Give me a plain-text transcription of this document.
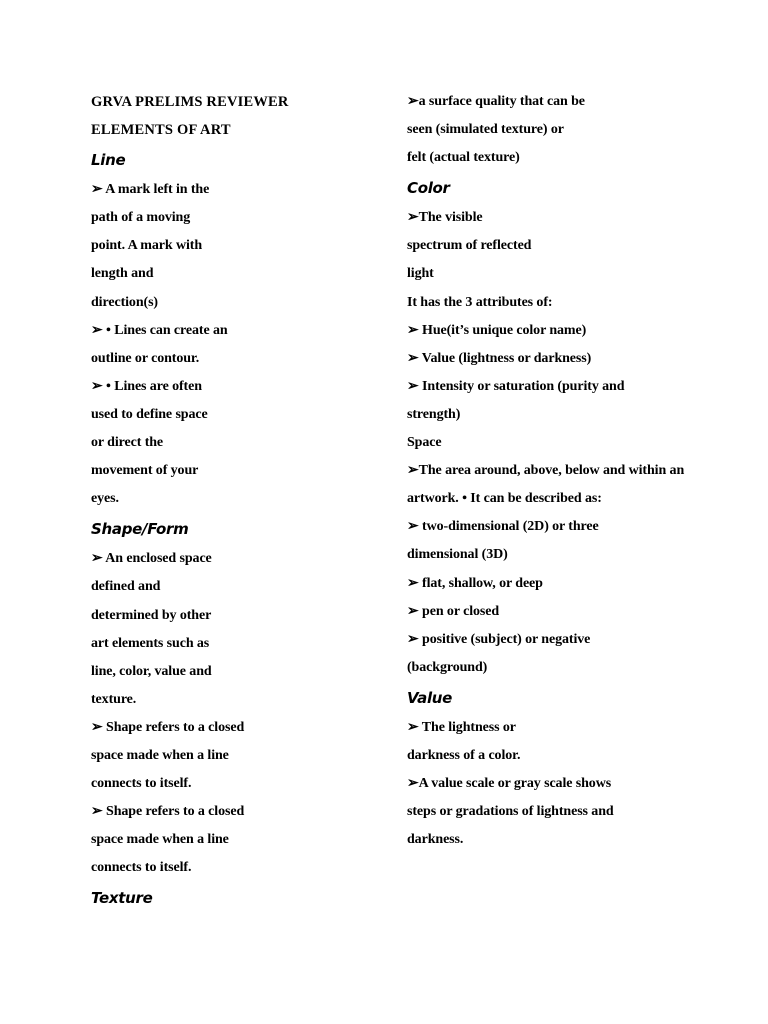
GRVA PRELIMS REVIEWER
ELEMENTS OF ART
Line
➢ A mark left in the
path of a moving
point. A mark with
length and
direction(s)
➢ • Lines can create an
outline or contour.
➢ • Lines are often
used to define space
or direct the
movement of your
eyes.
Shape/Form
➢ An enclosed space
defined and
determined by other
art elements such as
line, color, value and
texture.
➢ Shape refers to a closed
space made when a line
connects to itself.
➢ Shape refers to a closed
space made when a line
connects to itself.
Texture
➢a surface quality that can be
seen (simulated texture) or
felt (actual texture)
Color
➢The visible
spectrum of reflected
light
It has the 3 attributes of:
➢ Hue(it’s unique color name)
➢ Value (lightness or darkness)
➢ Intensity or saturation (purity and
strength)
Space
➢The area around, above, below and within an
artwork. • It can be described as:
➢ two-dimensional (2D) or three
dimensional (3D)
➢ flat, shallow, or deep
➢ pen or closed
➢ positive (subject) or negative
(background)
Value
➢ The lightness or
darkness of a color.
➢A value scale or gray scale shows
steps or gradations of lightness and
darkness.
